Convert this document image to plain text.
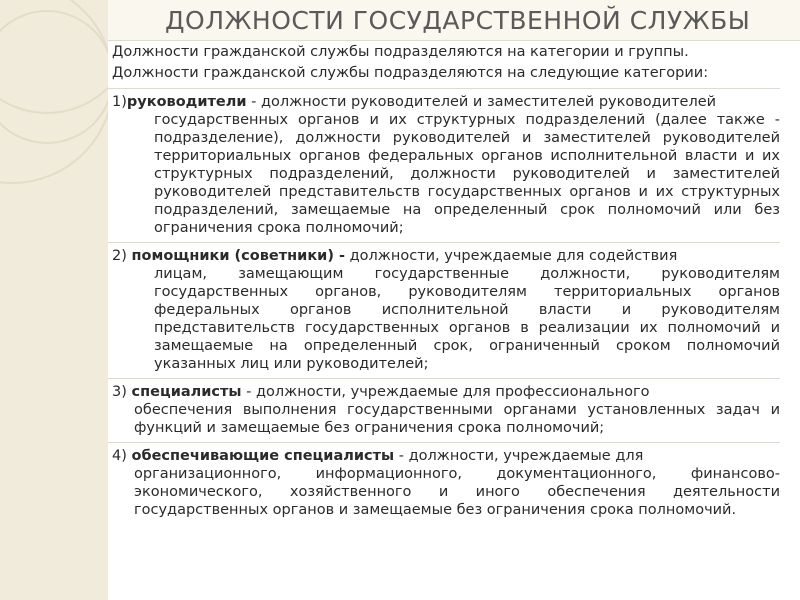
ДОЛЖНОСТИ ГОСУДАРСТВЕННОЙ СЛУЖБЫ
Должности гражданской службы подразделяются на категории и группы.
Должности гражданской службы подразделяются на следующие категории:
1)руководители - должности руководителей и заместителей руководителей
государственных органов и их структурных подразделений (далее также - подразделение), должности руководителей и заместителей руководителей территориальных органов федеральных органов исполнительной власти и их структурных подразделений, должности руководителей и заместителей руководителей представительств государственных органов и их структурных подразделений, замещаемые на определенный срок полномочий или без ограничения срока полномочий;
2) помощники (советники) - должности, учреждаемые для содействия
лицам, замещающим государственные должности, руководителям государственных органов, руководителям территориальных органов федеральных органов исполнительной власти и руководителям представительств государственных органов в реализации их полномочий и замещаемые на определенный срок, ограниченный сроком полномочий указанных лиц или руководителей;
3) специалисты - должности, учреждаемые для профессионального
обеспечения выполнения государственными органами установленных задач и функций и замещаемые без ограничения срока полномочий;
4) обеспечивающие специалисты - должности, учреждаемые для
организационного, информационного, документационного, финансово-экономического, хозяйственного и иного обеспечения деятельности государственных органов и замещаемые без ограничения срока полномочий.
